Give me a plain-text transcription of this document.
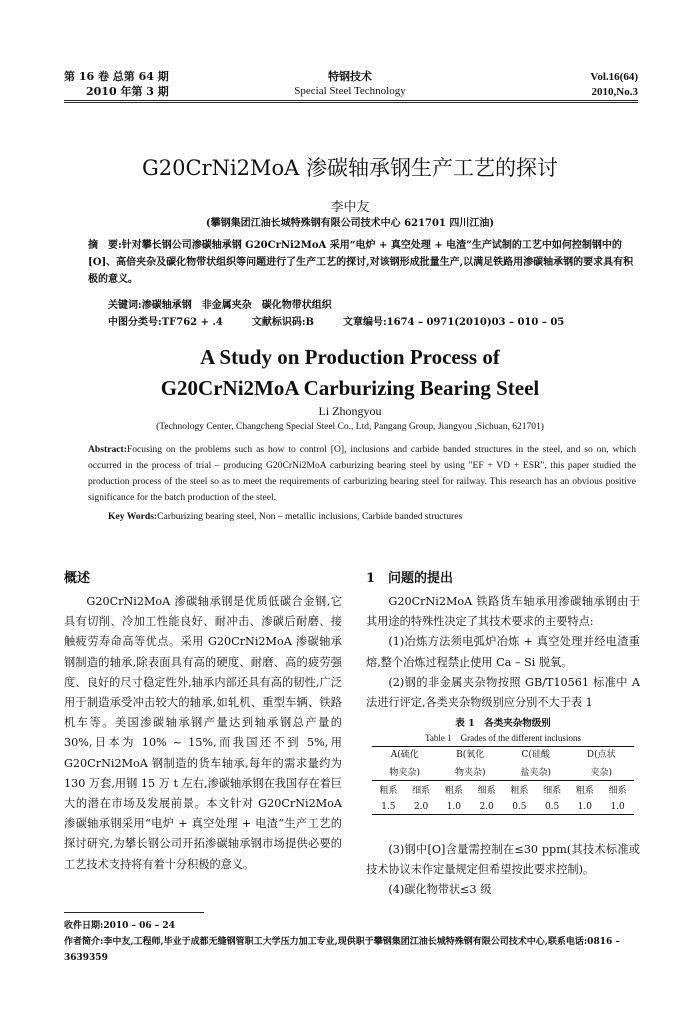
第 16 卷 总第 64 期
2010 年第 3 期
特钢技术
Special Steel Technology
Vol.16(64)
2010,No.3
G20CrNi2MoA 渗碳轴承钢生产工艺的探讨
李中友
(攀钢集团江油长城特殊钢有限公司技术中心 621701 四川江油)
摘　要:针对攀长钢公司渗碳轴承钢 G20CrNi2MoA 采用“电炉 + 真空处理 + 电渣”生产试制的工艺中如何控制钢中的[O]、高倍夹杂及碳化物带状组织等问题进行了生产工艺的探讨,对该钢形成批量生产,以满足铁路用渗碳轴承钢的要求具有积极的意义。
关键词:渗碳轴承钢　非金属夹杂　碳化物带状组织
中图分类号:TF762 + .4	文献标识码:B	文章编号:1674 – 0971(2010)03 – 010 – 05
A Study on Production Process of
G20CrNi2MoA Carburizing Bearing Steel
Li Zhongyou
(Technology Center, Changcheng Special Steel Co., Ltd, Pangang Group, Jiangyou ,Sichuan, 621701)
Abstract:Focusing on the problems such as how to control [O], inclusions and carbide banded structures in the steel, and so on, which occurred in the process of trial – producing G20CrNi2MoA carburizing bearing steel by using "EF + VD + ESR", this paper studied the production process of the steel so as to meet the requirements of carburizing bearing steel for railway. This research has an obvious positive significance for the batch production of the steel.
Key Words:Carburizing bearing steel, Non – metallic inclusions, Carbide banded structures
概述

G20CrNi2MoA 渗碳轴承钢是优质低碳合金钢,它具有切削、冷加工性能良好、耐冲击、渗碳后耐磨、接触疲劳寿命高等优点。采用 G20CrNi2MoA 渗碳轴承钢制造的轴承,除表面具有高的硬度、耐磨、高的疲劳强度、良好的尺寸稳定性外,轴承内部还具有高的韧性,广泛用于制造承受冲击较大的轴承,如轧机、重型车辆、铁路机车等。美国渗碳轴承钢产量达到轴承钢总产量的 30%,日本为 10% ~ 15%,而我国还不到 5%,用 G20CrNi2MoA 钢制造的货车轴承,每年的需求量约为 130 万套,用钢 15 万 t 左右,渗碳轴承钢在我国存在着巨大的潜在市场及发展前景。本文针对 G20CrNi2MoA 渗碳轴承钢采用“电炉 + 真空处理 + 电渣”生产工艺的探讨研究,为攀长钢公司开拓渗碳轴承钢市场提供必要的工艺技术支持将有着十分积极的意义。

1　问题的提出

G20CrNi2MoA 铁路货车轴承用渗碳轴承钢由于其用途的特殊性决定了其技术要求的主要特点:

(1)冶炼方法须电弧炉冶炼 + 真空处理并经电渣重熔,整个冶炼过程禁止使用 Ca – Si 脱氧。

(2)钢的非金属夹杂物按照 GB/T10561 标准中 A 法进行评定,各类夹杂物级别应分别不大于表 1

表 1　各类夹杂物级别
Table 1　Grades of the different inclusions
A(硫化		B(氧化		C(硅酸		D(点状	
物夹杂)		物夹杂)		盐夹杂)		夹杂)	
粗系	细系	粗系	细系	粗系	细系	粗系	细系
1.5	2.0	1.0	2.0	0.5	0.5	1.0	1.0

(3)钢中[O]含量需控制在≤30 ppm(其技术标准或技术协议未作定量规定但希望按此要求控制)。

(4)碳化物带状≤3 级

收件日期:2010 – 06 – 24
作者简介:李中友,工程师,毕业于成都无缝钢管职工大学压力加工专业,现供职于攀钢集团江油长城特殊钢有限公司技术中心,联系电话:0816 – 3639359
